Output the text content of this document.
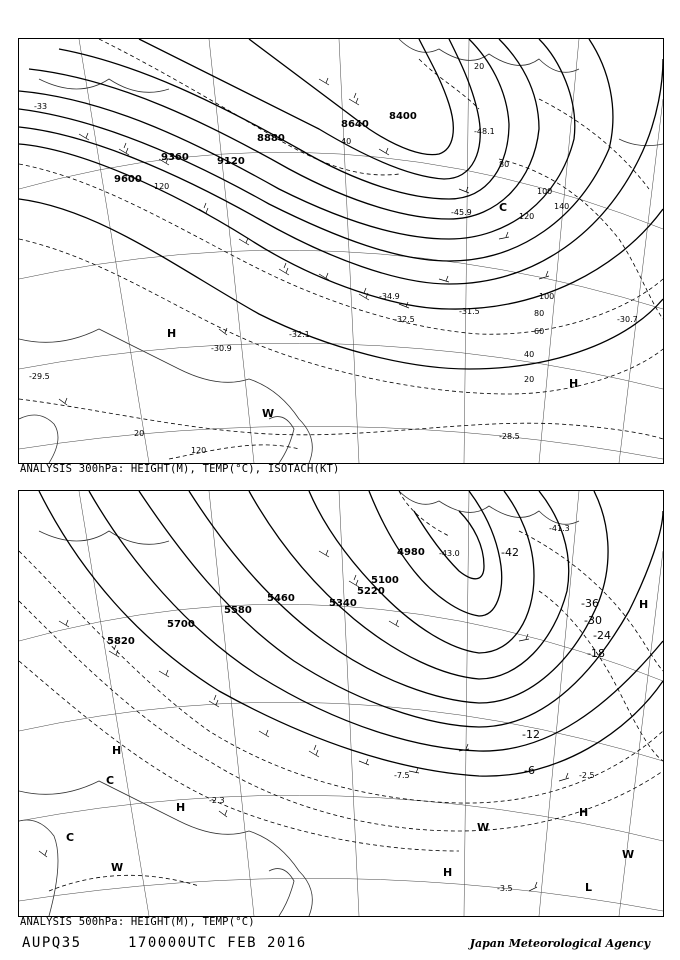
9600
9360	9120
8880
8640
8400
120
80
40
20
100
120
140
40
20
20
80
60
100
120
-30.7
-32.1
-34.9
-31.5
-32.5
-45.9
-48.1
-29.5
-28.5
-30.9
-33
H
H
C
W
ANALYSIS 300hPa: HEIGHT(M), TEMP(°C), ISOTACH(KT)
5820
5700
5580
5460	5340
5220
5100
4980	-42
-36
-30
-24
-18
-12
-6	-2.5
-7.5
-3.5
-2.3
-43.0
-41.3
H
H	H
H
H
C
C
W
W
W
L
ANALYSIS 500hPa: HEIGHT(M), TEMP(°C)
AUPQ35	170000UTC FEB 2016	Japan Meteorological Agency
